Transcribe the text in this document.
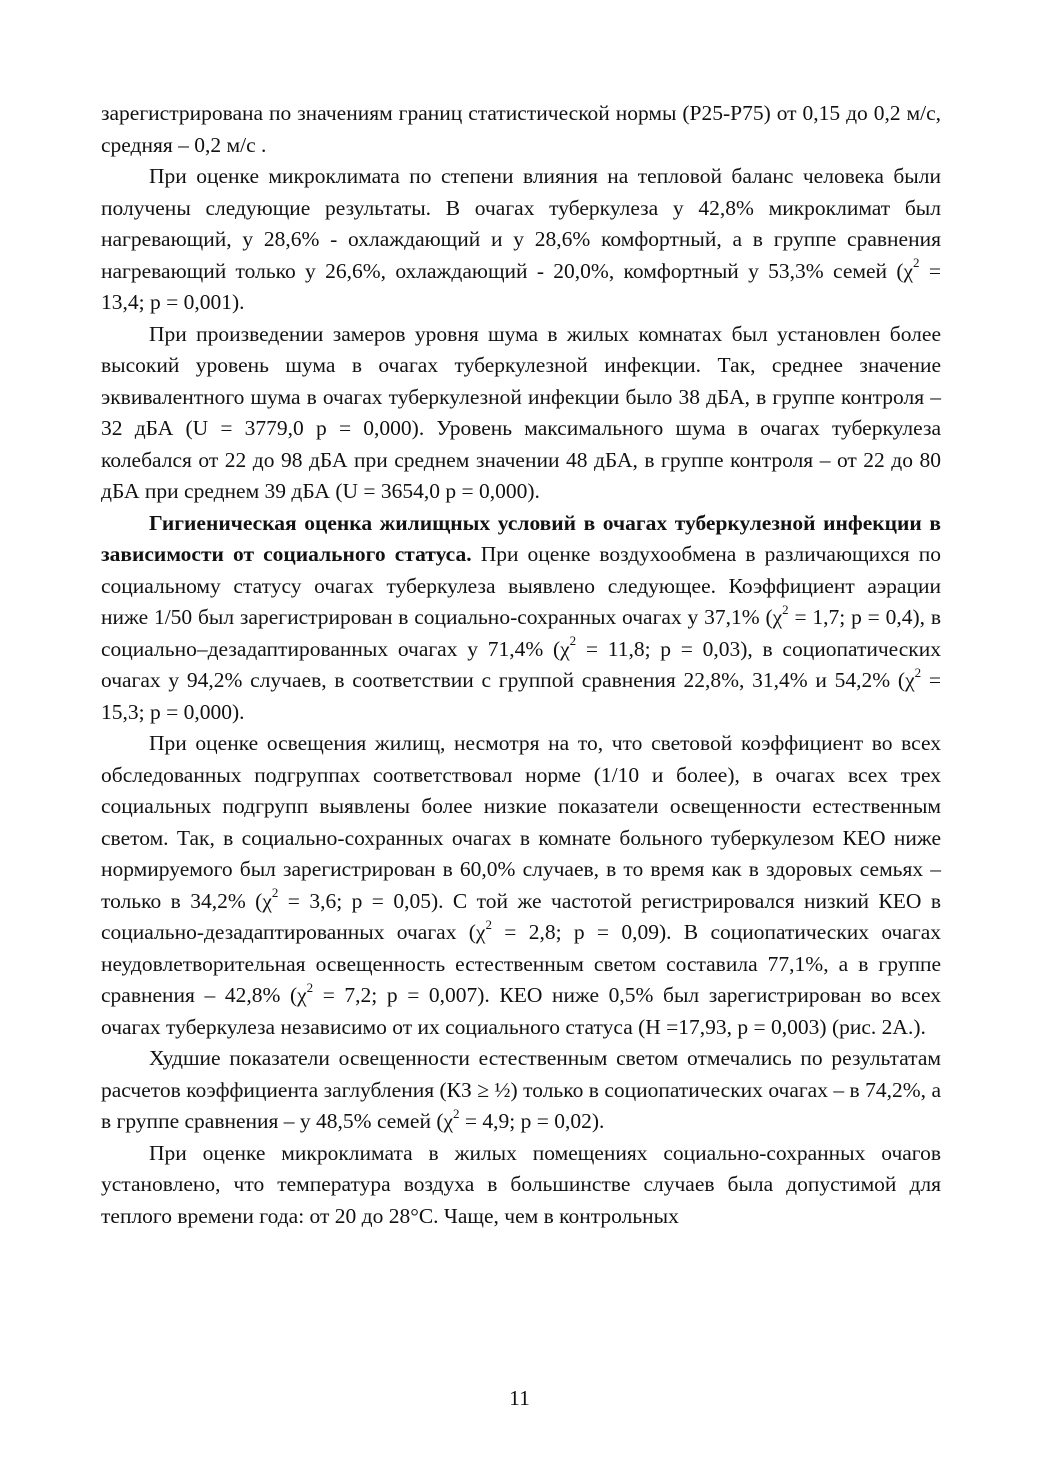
зарегистрирована по значениям границ статистической нормы (Р25-Р75) от 0,15 до 0,2 м/с, средняя – 0,2 м/с .

При оценке микроклимата по степени влияния на тепловой баланс человека были получены следующие результаты. В очагах туберкулеза у 42,8% микроклимат был нагревающий, у 28,6% - охлаждающий и у 28,6% комфортный, а в группе сравнения нагревающий только у 26,6%, охлаждающий - 20,0%, комфортный у 53,3% семей ($\chi^2 = 13,4$; р = 0,001).

При произведении замеров уровня шума в жилых комнатах был установлен более высокий уровень шума в очагах туберкулезной инфекции. Так, среднее значение эквивалентного шума в очагах туберкулезной инфекции было 38 дБА, в группе контроля – 32 дБА (U = 3779,0 р = 0,000). Уровень максимального шума в очагах туберкулеза колебался от 22 до 98 дБА при среднем значении 48 дБА, в группе контроля – от 22 до 80 дБА при среднем 39 дБА (U = 3654,0 р = 0,000).

Гигиеническая оценка жилищных условий в очагах туберкулезной инфекции в зависимости от социального статуса. При оценке воздухообмена в различающихся по социальному статусу очагах туберкулеза выявлено следующее. Коэффициент аэрации ниже 1/50 был зарегистрирован в социально-сохранных очагах у 37,1% ($\chi^2 = 1,7$; р = 0,4), в социально–дезадаптированных очагах у 71,4% ($\chi^2 = 11,8$; р = 0,03), в социопатических очагах у 94,2% случаев, в соответствии с группой сравнения 22,8%, 31,4% и 54,2% ($\chi^2 = 15,3$; р = 0,000).

При оценке освещения жилищ, несмотря на то, что световой коэффициент во всех обследованных подгруппах соответствовал норме (1/10 и более), в очагах всех трех социальных подгрупп выявлены более низкие показатели освещенности естественным светом. Так, в социально-сохранных очагах в комнате больного туберкулезом КЕО ниже нормируемого был зарегистрирован в 60,0% случаев, в то время как в здоровых семьях – только в 34,2% ($\chi^2 = 3,6$; р = 0,05). С той же частотой регистрировался низкий КЕО в социально-дезадаптированных очагах ($\chi^2 = 2,8$; р = 0,09). В социопатических очагах неудовлетворительная освещенность естественным светом составила 77,1%, а в группе сравнения – 42,8% ($\chi^2 = 7,2$; р = 0,007). КЕО ниже 0,5% был зарегистрирован во всех очагах туберкулеза независимо от их социального статуса (Н =17,93, р = 0,003) (рис. 2А.).

Худшие показатели освещенности естественным светом отмечались по результатам расчетов коэффициента заглубления (КЗ ≥ ½) только в социопатических очагах – в 74,2%, а в группе сравнения – у 48,5% семей ($\chi^2 = 4,9$; р = 0,02).

При оценке микроклимата в жилых помещениях социально-сохранных очагов установлено, что температура воздуха в большинстве случаев была допустимой для теплого времени года: от 20 до 28°С. Чаще, чем в контрольных

11
